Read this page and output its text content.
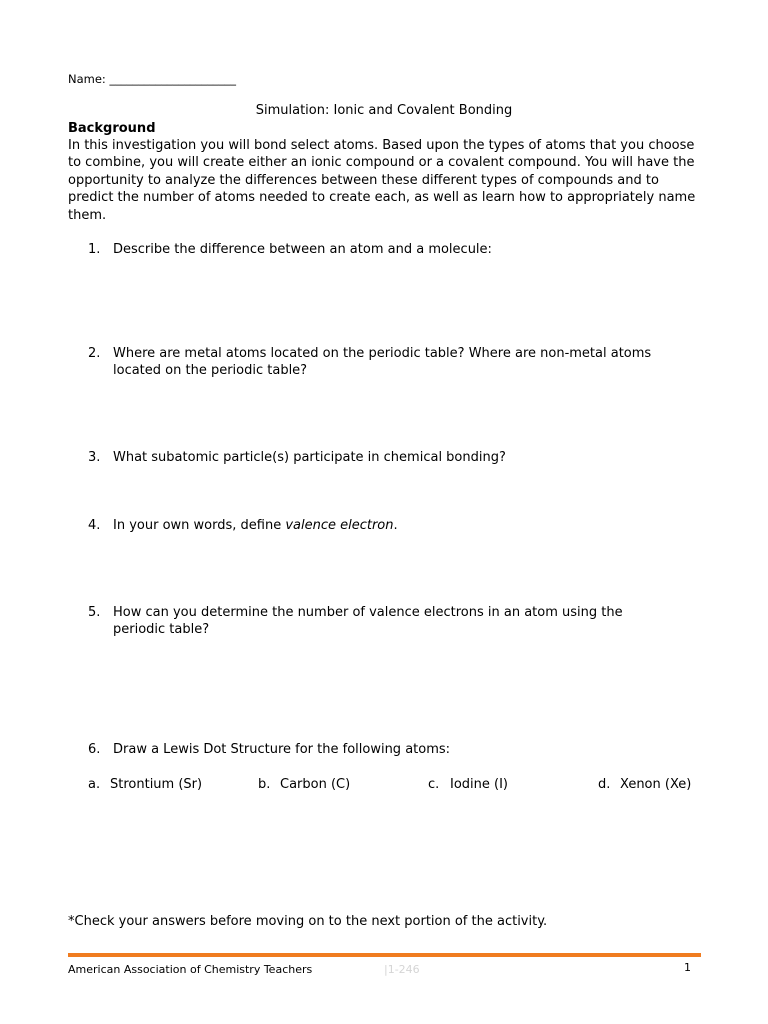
Name: ______________________
Simulation: Ionic and Covalent Bonding
Background
In this investigation you will bond select atoms. Based upon the types of atoms that you choose to combine, you will create either an ionic compound or a covalent compound. You will have the opportunity to analyze the differences between these different types of compounds and to predict the number of atoms needed to create each, as well as learn how to appropriately name them.
1. Describe the difference between an atom and a molecule:
2. Where are metal atoms located on the periodic table? Where are non-metal atoms
located on the periodic table?
3. What subatomic particle(s) participate in chemical bonding?
4. In your own words, define valence electron.
5. How can you determine the number of valence electrons in an atom using the
periodic table?
6. Draw a Lewis Dot Structure for the following atoms:
a. Strontium (Sr)	b. Carbon (C)	c. Iodine (I)	d. Xenon (Xe)
*Check your answers before moving on to the next portion of the activity.
American Association of Chemistry Teachers	|1-246	1
